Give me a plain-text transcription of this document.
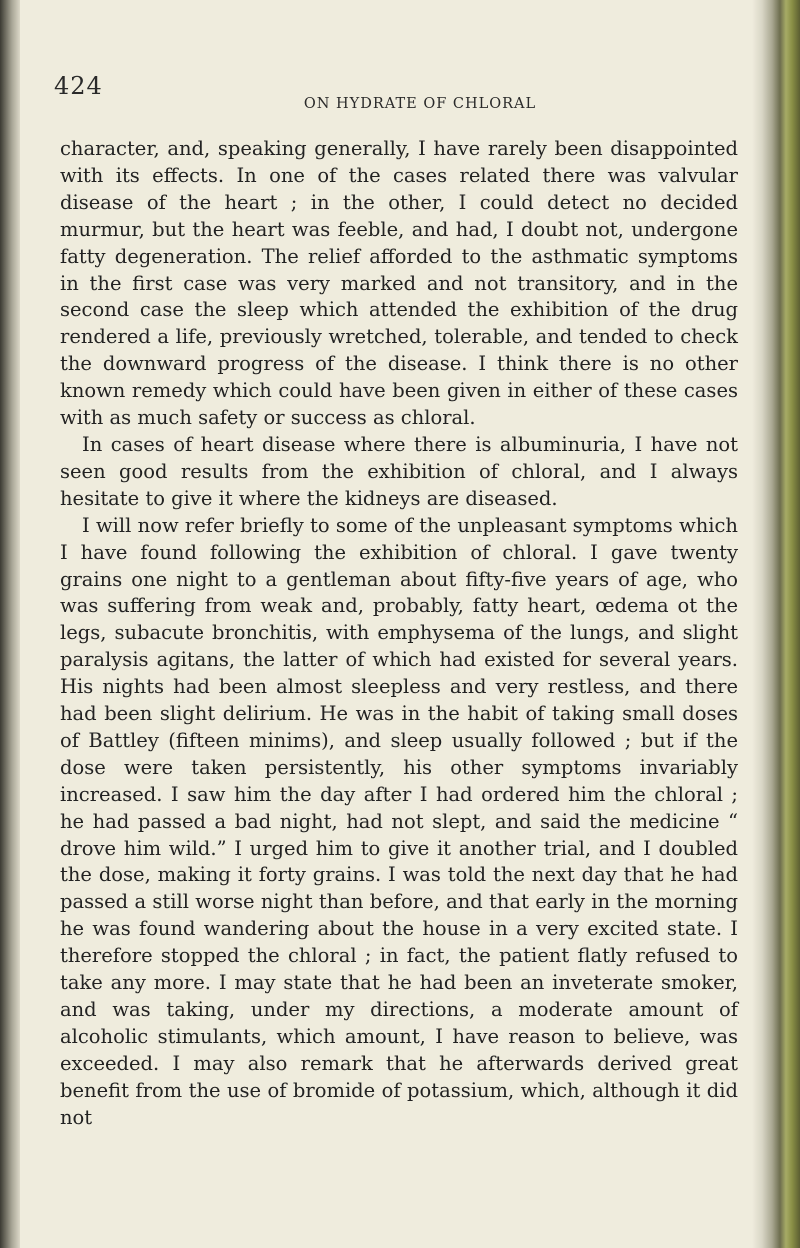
424
ON HYDRATE OF CHLORAL

character, and, speaking generally, I have rarely been disappointed with its effects. In one of the cases related there was valvular disease of the heart ; in the other, I could detect no decided murmur, but the heart was feeble, and had, I doubt not, undergone fatty degeneration. The relief afforded to the asthmatic symptoms in the first case was very marked and not transitory, and in the second case the sleep which attended the exhibition of the drug rendered a life, previously wretched, tolerable, and tended to check the downward progress of the disease. I think there is no other known remedy which could have been given in either of these cases with as much safety or success as chloral.

In cases of heart disease where there is albuminuria, I have not seen good results from the exhibition of chloral, and I always hesitate to give it where the kidneys are diseased.

I will now refer briefly to some of the unpleasant symptoms which I have found following the exhibition of chloral. I gave twenty grains one night to a gentleman about fifty-five years of age, who was suffering from weak and, probably, fatty heart, œdema ot the legs, subacute bronchitis, with emphysema of the lungs, and slight paralysis agitans, the latter of which had existed for several years. His nights had been almost sleepless and very restless, and there had been slight delirium. He was in the habit of taking small doses of Battley (fifteen minims), and sleep usually followed ; but if the dose were taken persistently, his other symptoms invariably increased. I saw him the day after I had ordered him the chloral ; he had passed a bad night, had not slept, and said the medicine “ drove him wild.” I urged him to give it another trial, and I doubled the dose, making it forty grains. I was told the next day that he had passed a still worse night than before, and that early in the morning he was found wandering about the house in a very excited state. I therefore stopped the chloral ; in fact, the patient flatly refused to take any more. I may state that he had been an inveterate smoker, and was taking, under my directions, a moderate amount of alcoholic stimulants, which amount, I have reason to believe, was exceeded. I may also remark that he afterwards derived great benefit from the use of bromide of potassium, which, although it did not
